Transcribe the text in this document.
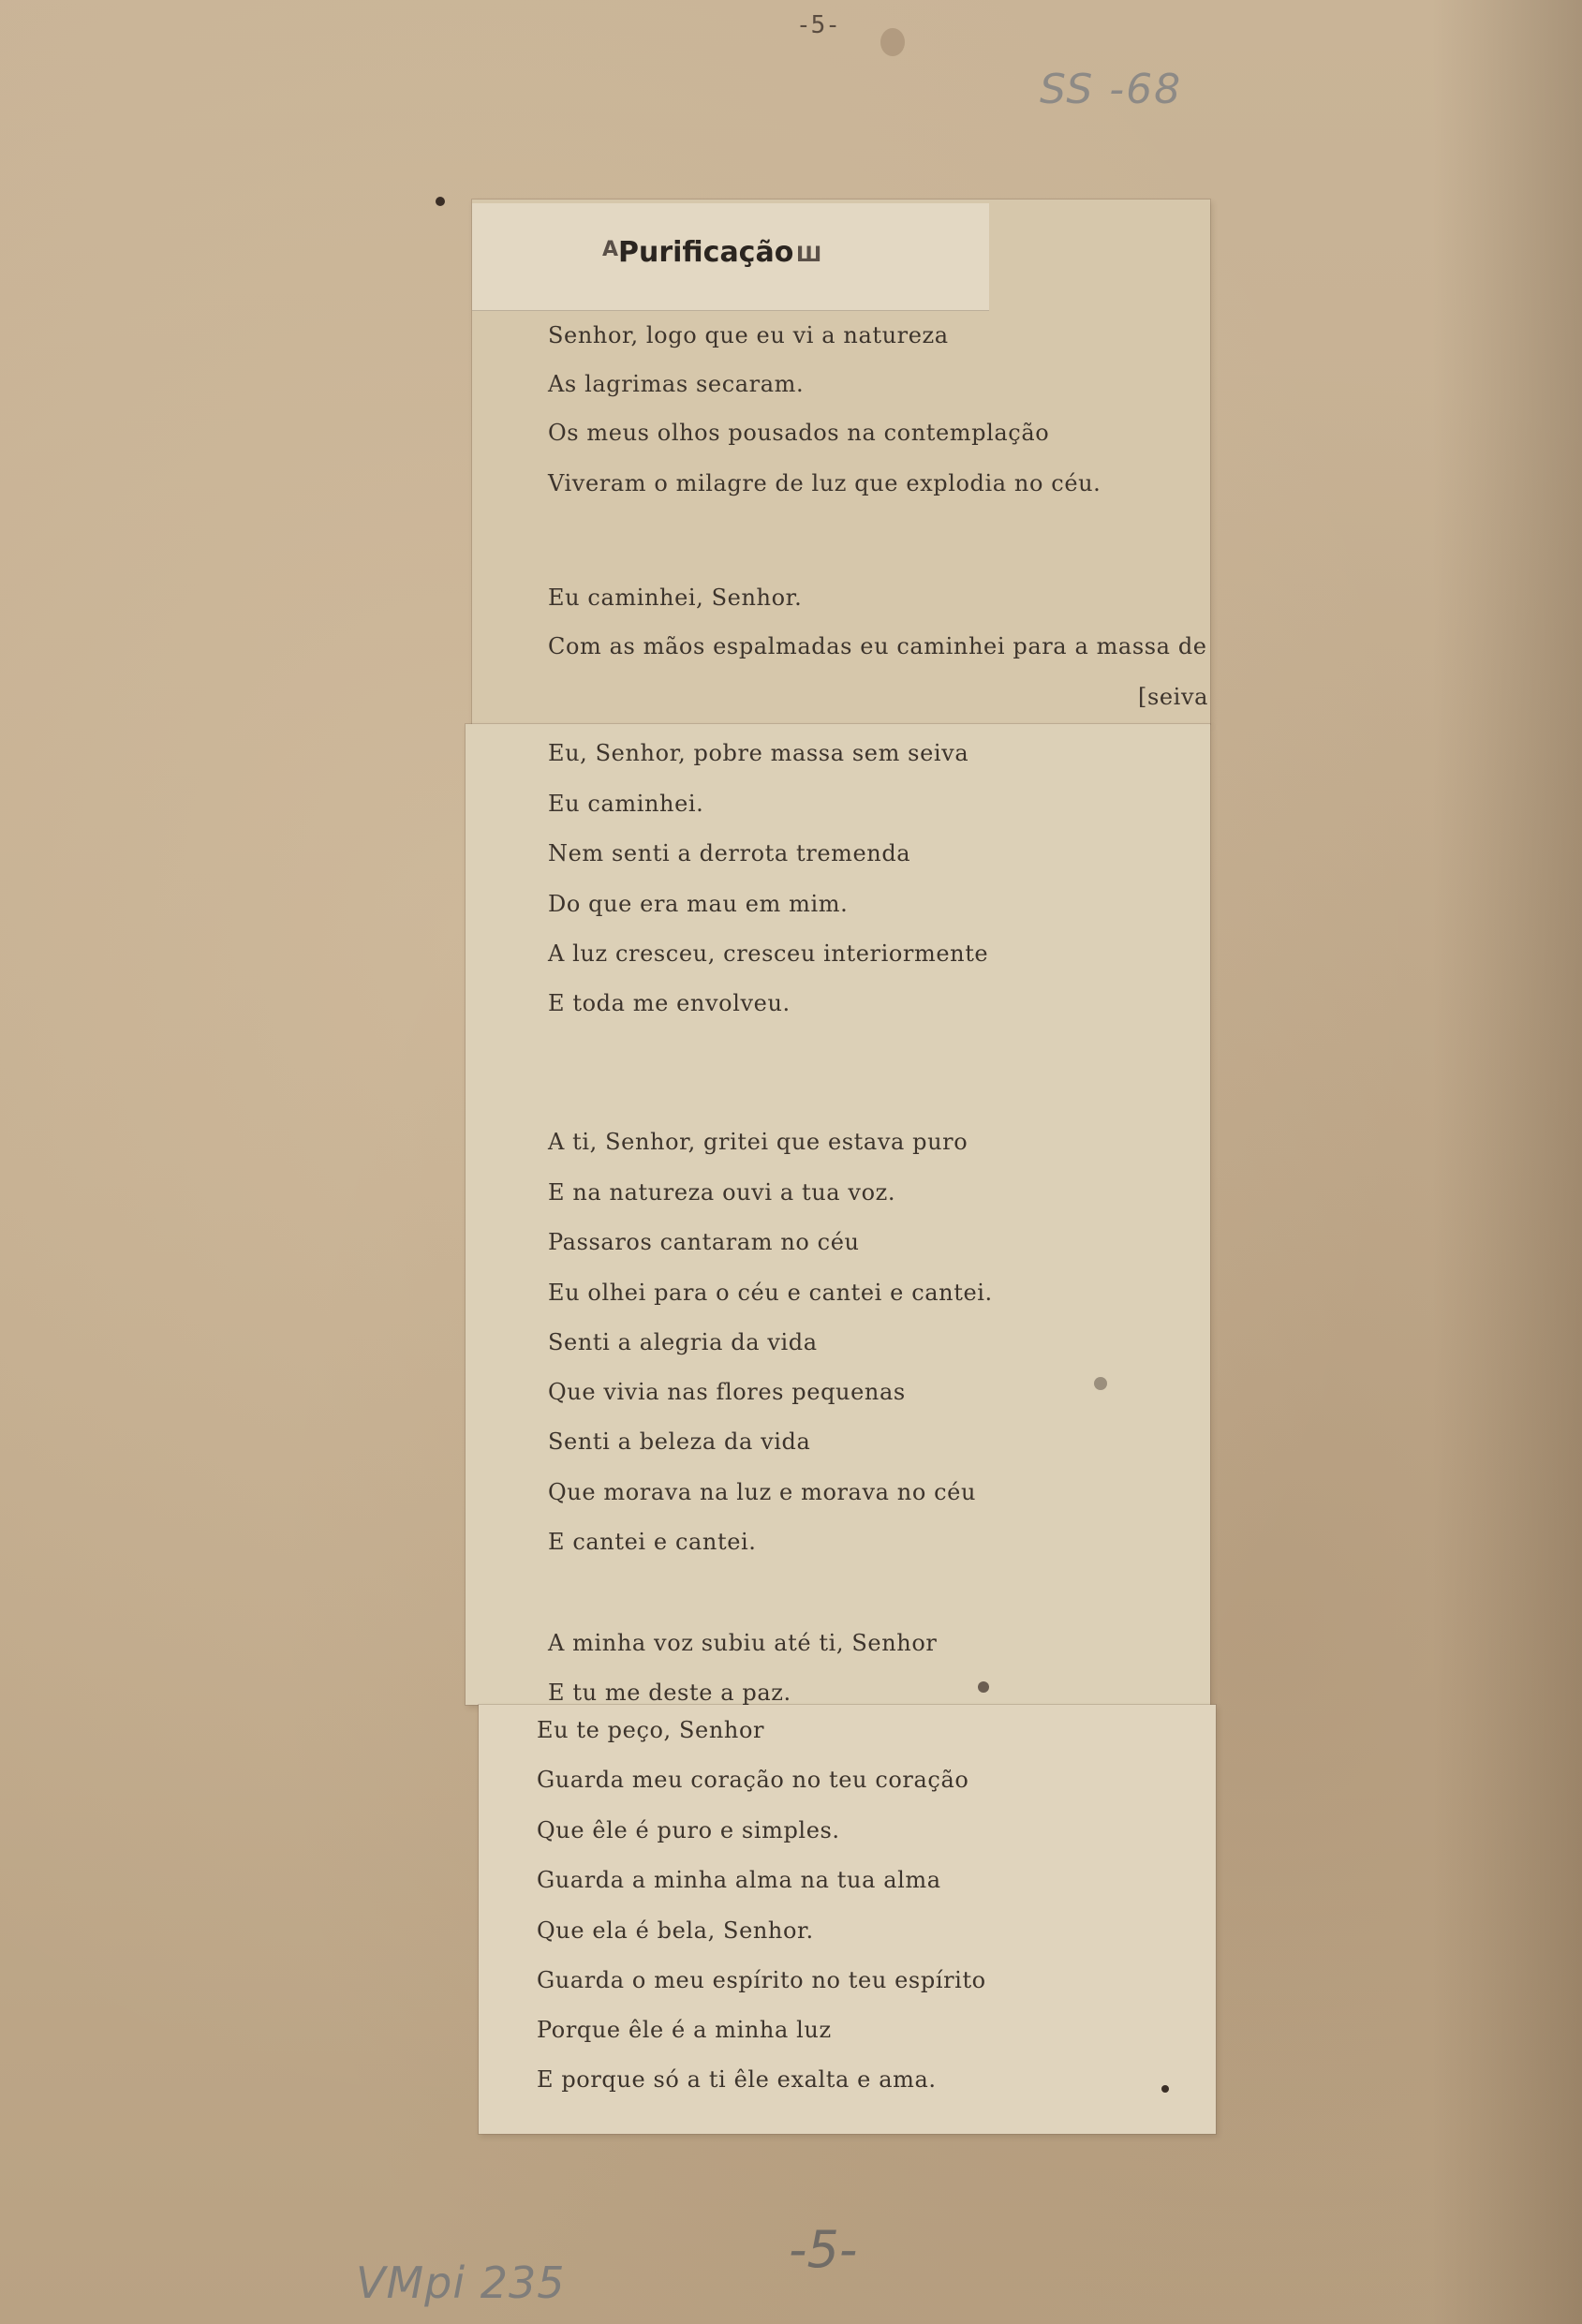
-5-
SS -68
A Purificação Ш
Senhor, logo que eu vi a natureza
As lagrimas secaram.
Os meus olhos pousados na contemplação
Viveram o milagre de luz que explodia no céu.
Eu caminhei, Senhor.
Com as mãos espalmadas eu caminhei para a massa de
[seiva
Eu, Senhor, pobre massa sem seiva
Eu caminhei.
Nem senti a derrota tremenda
Do que era mau em mim.
A luz cresceu, cresceu interiormente
E toda me envolveu.
A ti, Senhor, gritei que estava puro
E na natureza ouvi a tua voz.
Passaros cantaram no céu
Eu olhei para o céu e cantei e cantei.
Senti a alegria da vida
Que vivia nas flores pequenas
Senti a beleza da vida
Que morava na luz e morava no céu
E cantei e cantei.
A minha voz subiu até ti, Senhor
E tu me deste a paz.
Eu te peço, Senhor
Guarda meu coração no teu coração
Que êle é puro e simples.
Guarda a minha alma na tua alma
Que ela é bela, Senhor.
Guarda o meu espírito no teu espírito
Porque êle é a minha luz
E porque só a ti êle exalta e ama.
VMpi 235
-5-
